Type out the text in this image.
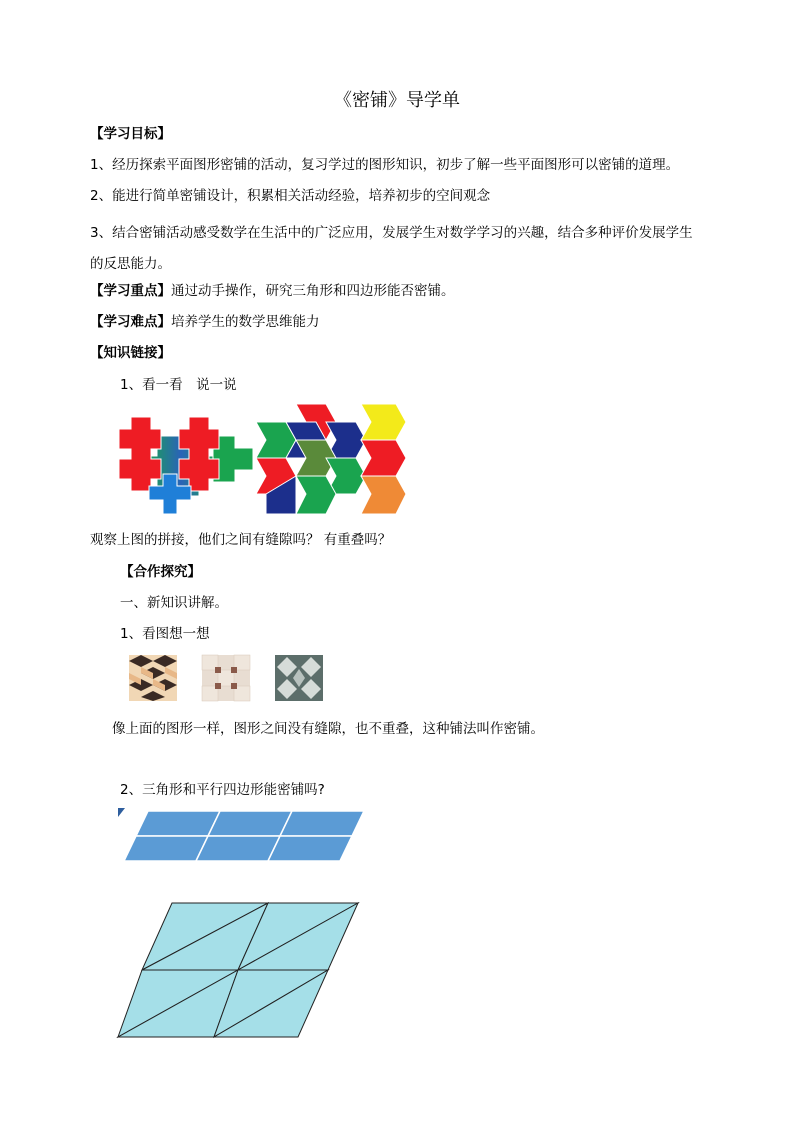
《密铺》导学单
【学习目标】
1、经历探索平面图形密铺的活动，复习学过的图形知识，初步了解一些平面图形可以密铺的道理。
2、能进行简单密铺设计，积累相关活动经验，培养初步的空间观念
3、结合密铺活动感受数学在生活中的广泛应用，发展学生对数学学习的兴趣，结合多种评价发展学生的反思能力。
【学习重点】通过动手操作，研究三角形和四边形能否密铺。
【学习难点】培养学生的数学思维能力
【知识链接】
1、看一看　说一说
观察上图的拼接，他们之间有缝隙吗？ 有重叠吗？
【合作探究】
一、新知识讲解。
1、看图想一想
像上面的图形一样，图形之间没有缝隙，也不重叠，这种铺法叫作密铺。
2、三角形和平行四边形能密铺吗?
